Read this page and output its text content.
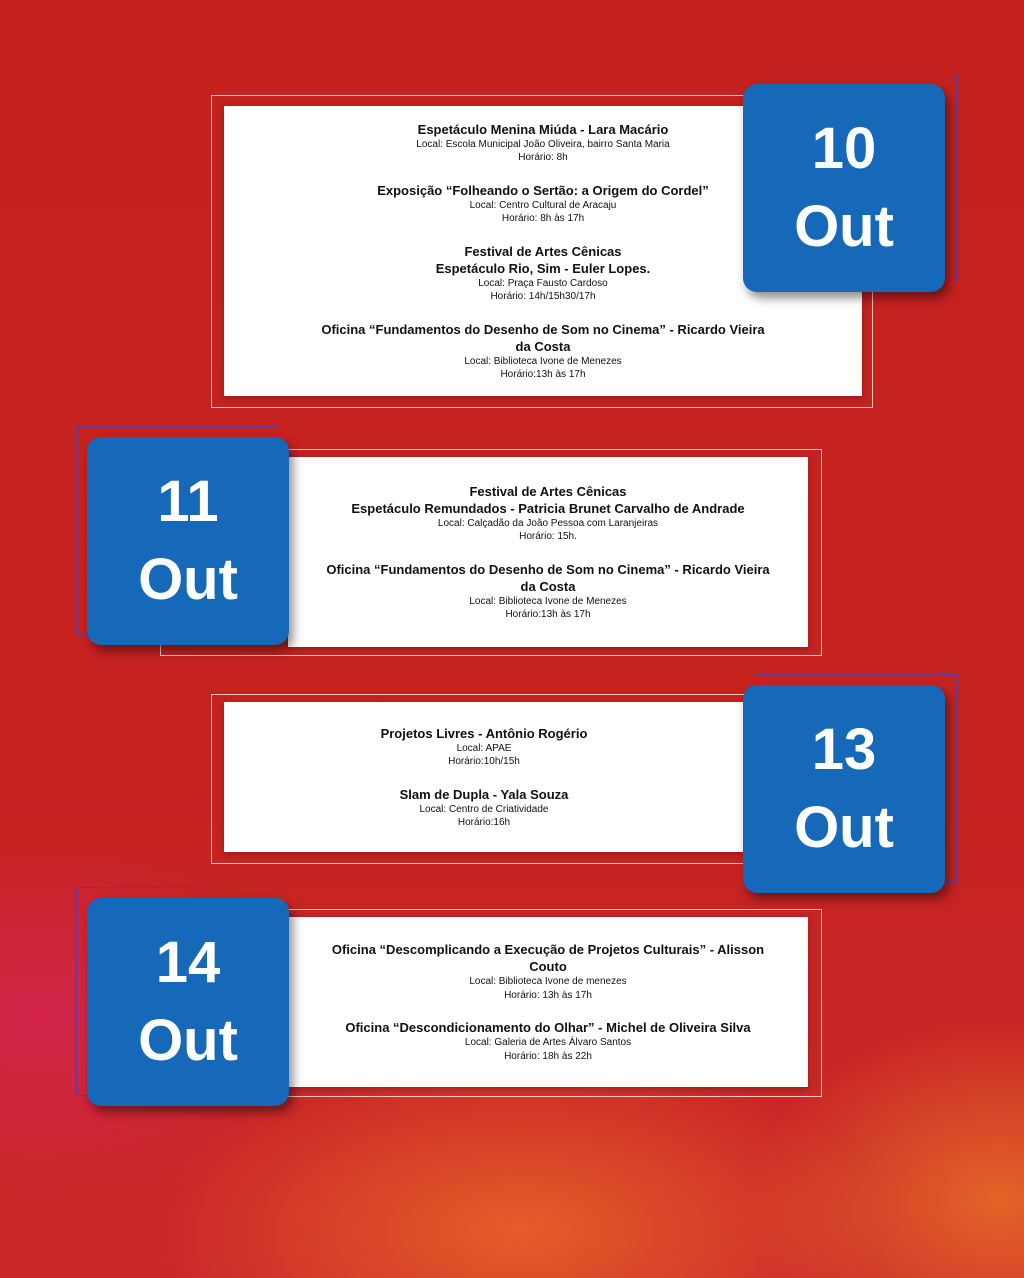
Espetáculo Menina Miúda - Lara Macário
Local: Escola Municipal João Oliveira, bairro Santa Maria
Horário: 8h
Exposição “Folheando o Sertão: a Origem do Cordel”
Local: Centro Cultural de Aracaju
Horário: 8h às 17h
Festival de Artes Cênicas
Espetáculo Rio, Sim - Euler Lopes.
Local: Praça Fausto Cardoso
Horário: 14h/15h30/17h
Oficina “Fundamentos do Desenho de Som no Cinema” - Ricardo Vieira
da Costa
Local: Biblioteca Ivone de Menezes
Horário:13h às 17h
10
Out
Festival de Artes Cênicas
Espetáculo Remundados - Patricia Brunet Carvalho de Andrade
Local: Calçadão da João Pessoa com Laranjeiras
Horário: 15h.
Oficina “Fundamentos do Desenho de Som no Cinema” - Ricardo Vieira
da Costa
Local: Biblioteca Ivone de Menezes
Horário:13h às 17h
11
Out
Projetos Livres - Antônio Rogério
Local: APAE
Horário:10h/15h
Slam de Dupla - Yala Souza
Local: Centro de Criatividade
Horário:16h
13
Out
Oficina “Descomplicando a Execução de Projetos Culturais” - Alisson
Couto
Local: Biblioteca Ivone de menezes
Horário: 13h às 17h
Oficina “Descondicionamento do Olhar” - Michel de Oliveira Silva
Local: Galeria de Artes Álvaro Santos
Horário: 18h às 22h
14
Out
